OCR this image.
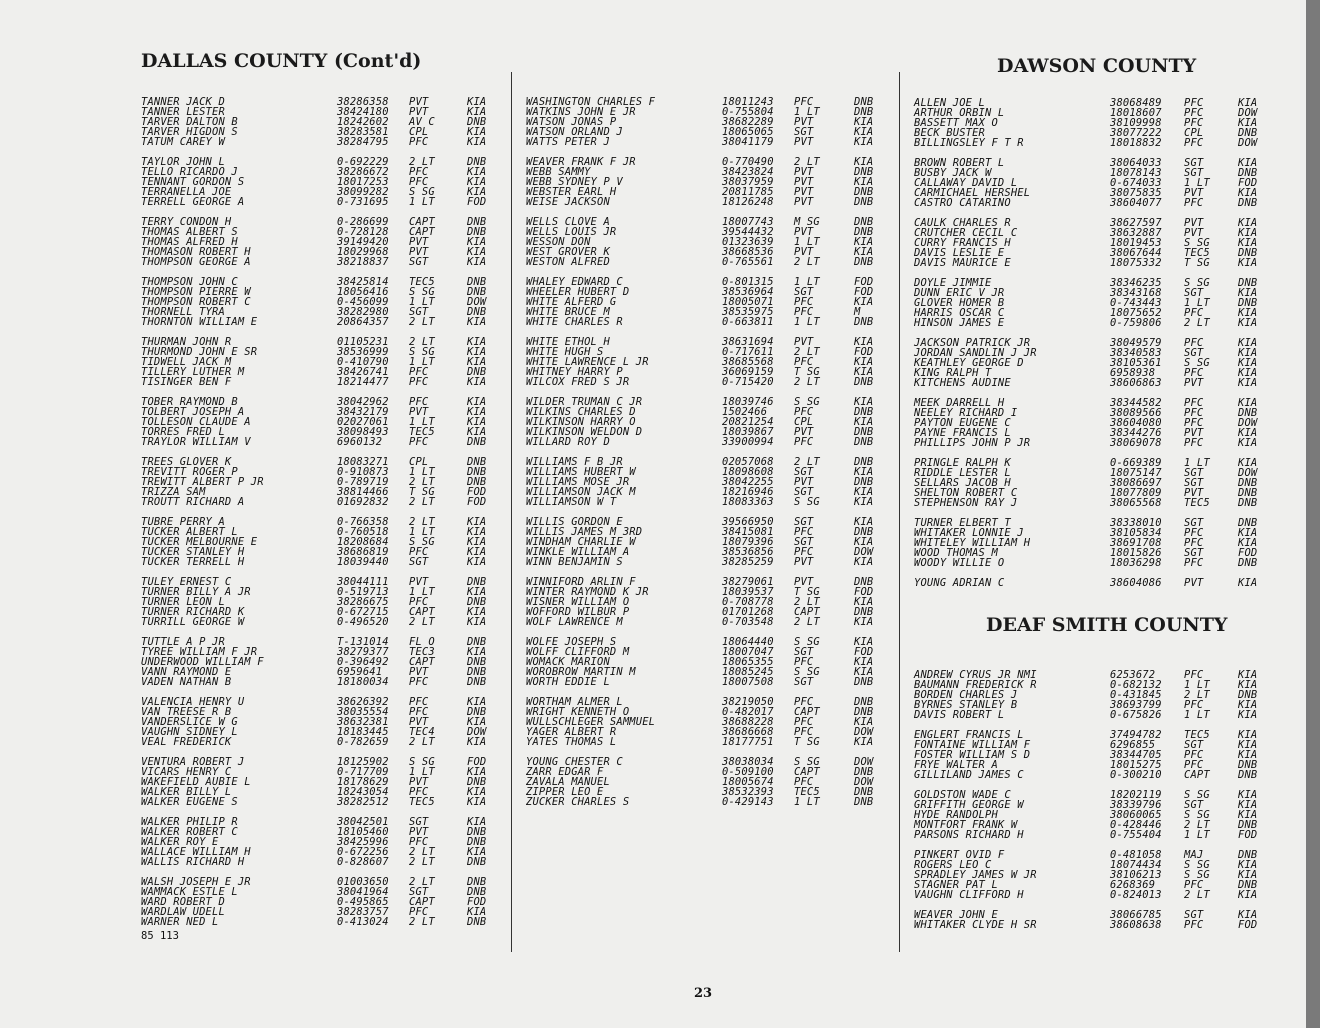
DALLAS COUNTY (Cont'd)
TANNER JACK D	38286358 PVT	KIA
TANNER LESTER	38424180 PVT	KIA
TARVER DALTON B	18242602 AV C	DNB
TARVER HIGDON S	38283581 CPL	KIA
TATUM CAREY W	38284795 PFC	KIA
TAYLOR JOHN L	0-692229 2 LT	DNB
TELLO RICARDO J	38286672 PFC	KIA
TENNANT GORDON S	18017253 PFC	KIA
TERRANELLA JOE	38099282 S SG	KIA
TERRELL GEORGE A	0-731695 1 LT	FOD
TERRY CONDON H	0-286699 CAPT	DNB
THOMAS ALBERT S	0-728128 CAPT	DNB
THOMAS ALFRED H	39149420 PVT	KIA
THOMASON ROBERT H	18029968 PVT	KIA
THOMPSON GEORGE A	38218837 SGT	KIA
THOMPSON JOHN C	38425814 TEC5	DNB
THOMPSON PIERRE W	18056416 S SG	DNB
THOMPSON ROBERT C	0-456099 1 LT	DOW
THORNELL TYRA	38282980 SGT	DNB
THORNTON WILLIAM E	20864357 2 LT	KIA
THURMAN JOHN R	01105231 2 LT	KIA
THURMOND JOHN E SR	38536999 S SG	KIA
TIDWELL JACK M	0-410790 1 LT	KIA
TILLERY LUTHER M	38426741 PFC	DNB
TISINGER BEN F	18214477 PFC	KIA
TOBER RAYMOND B	38042962 PFC	KIA
TOLBERT JOSEPH A	38432179 PVT	KIA
TOLLESON CLAUDE A	02027061 1 LT	KIA
TORRES FRED L	38098493 TEC5	KIA
TRAYLOR WILLIAM V	6960132	PFC	DNB
TREES GLOVER K	18083271 CPL	DNB
TREVITT ROGER P	0-910873 1 LT	DNB
TREWITT ALBERT P JR	0-789719 2 LT	DNB
TRIZZA SAM	38814466 T SG	FOD
TROUTT RICHARD A	01692832 2 LT	FOD
TUBRE PERRY A	0-766358 2 LT	KIA
TUCKER ALBERT L	0-760518 1 LT	KIA
TUCKER MELBOURNE E	18208684 S SG	KIA
TUCKER STANLEY H	38686819 PFC	KIA
TUCKER TERRELL H	18039440 SGT	KIA
TULEY ERNEST C	38044111 PVT	DNB
TURNER BILLY A JR	0-519713 1 LT	KIA
TURNER LEON L	38286675 PFC	DNB
TURNER RICHARD K	0-672715 CAPT	KIA
TURRILL GEORGE W	0-496520 2 LT	KIA
TUTTLE A P JR	T-131014 FL O	DNB
TYREE WILLIAM F JR	38279377 TEC3	KIA
UNDERWOOD WILLIAM F	0-396492 CAPT	DNB
VANN RAYMOND E	6959641	PVT	DNB
VADEN NATHAN B	18180034 PFC	DNB
VALENCIA HENRY U	38626392 PFC	KIA
VAN TREESE R B	38035554 PFC	DNB
VANDERSLICE W G	38632381 PVT	KIA
VAUGHN SIDNEY L	18183445 TEC4	DOW
VEAL FREDERICK	0-782659 2 LT	KIA
VENTURA ROBERT J	18125902 S SG	FOD
VICARS HENRY C	0-717709 1 LT	KIA
WAKEFIELD AUBIE L	18178629 PVT	DNB
WALKER BILLY L	18243054 PFC	KIA
WALKER EUGENE S	38282512 TEC5	KIA
WALKER PHILIP R	38042501 SGT	KIA
WALKER ROBERT C	18105460 PVT	DNB
WALKER ROY E	38425996 PFC	DNB
WALLACE WILLIAM H	0-672256 2 LT	KIA
WALLIS RICHARD H	0-828607 2 LT	DNB
WALSH JOSEPH E JR	01003650 2 LT	DNB
WAMMACK ESTLE L	38041964 SGT	DNB
WARD ROBERT D	0-495865 CAPT	FOD
WARDLAW UDELL	38283757 PFC	KIA
WARNER NED L	0-413024 2 LT	DNB
85 113
WASHINGTON CHARLES F	18011243 PFC	DNB
WATKINS JOHN E JR	0-755804 1 LT	DNB
WATSON JONAS P	38682289 PVT	KIA
WATSON ORLAND J	18065065 SGT	KIA
WATTS PETER J	38041179 PVT	KIA
WEAVER FRANK F JR	0-770490 2 LT	KIA
WEBB SAMMY	38423824 PVT	DNB
WEBB SYDNEY P V	38037959 PVT	KIA
WEBSTER EARL H	20811785 PVT	DNB
WEISE JACKSON	18126248 PVT	DNB
WELLS CLOVE A	18007743 M SG	DNB
WELLS LOUIS JR	39544432 PVT	DNB
WESSON DON	01323639 1 LT	KIA
WEST GROVER K	38668536 PVT	KIA
WESTON ALFRED	0-765561 2 LT	DNB
WHALEY EDWARD C	0-801315 1 LT	FOD
WHEELER HUBERT D	38536964 SGT	FOD
WHITE ALFERD G	18005071 PFC	KIA
WHITE BRUCE M	38535975 PFC	M
WHITE CHARLES R	0-663811 1 LT	DNB
WHITE ETHOL H	38631694 PVT	KIA
WHITE HUGH S	0-717611 2 LT	FOD
WHITE LAWRENCE L JR	38685568 PFC	KIA
WHITNEY HARRY P	36069159 T SG	KIA
WILCOX FRED S JR	0-715420 2 LT	DNB
WILDER TRUMAN C JR	18039746 S SG	KIA
WILKINS CHARLES D	1502466	PFC	DNB
WILKINSON HARRY O	20821254 CPL	KIA
WILKINSON WELDON D	18039867 PVT	DNB
WILLARD ROY D	33900994 PFC	DNB
WILLIAMS F B JR	02057068 2 LT	DNB
WILLIAMS HUBERT W	18098608 SGT	KIA
WILLIAMS MOSE JR	38042255 PVT	DNB
WILLIAMSON JACK M	18216946 SGT	KIA
WILLIAMSON W T	18083363 S SG	KIA
WILLIS GORDON E	39566950 SGT	KIA
WILLIS JAMES M 3RD	38415081 PFC	DNB
WINDHAM CHARLIE W	18079396 SGT	KIA
WINKLE WILLIAM A	38536856 PFC	DOW
WINN BENJAMIN S	38285259 PVT	KIA
WINNIFORD ARLIN F	38279061 PVT	DNB
WINTER RAYMOND K JR	18039537 T SG	FOD
WISNER WILLIAM O	0-708778 2 LT	KIA
WOFFORD WILBUR P	01701268 CAPT	DNB
WOLF LAWRENCE M	0-703548 2 LT	KIA
WOLFE JOSEPH S	18064440 S SG	KIA
WOLFF CLIFFORD M	18007047 SGT	FOD
WOMACK MARION	18065355 PFC	KIA
WOROBROW MARTIN M	18085245 S SG	KIA
WORTH EDDIE L	18007508 SGT	DNB
WORTHAM ALMER L	38219050 PFC	DNB
WRIGHT KENNETH O	0-482017 CAPT	DNB
WULLSCHLEGER SAMMUEL	38688228 PFC	KIA
YAGER ALBERT R	38686668 PFC	DOW
YATES THOMAS L	18177751 T SG	KIA
YOUNG CHESTER C	38038034 S SG	DOW
ZARR EDGAR F	0-509100 CAPT	DNB
ZAVALA MANUEL	18005674 PFC	DOW
ZIPPER LEO E	38532393 TEC5	DNB
ZUCKER CHARLES S	0-429143 1 LT	DNB
DAWSON COUNTY
ALLEN JOE L	38068489 PFC	KIA
ARTHUR ORBIN L	18018607 PFC	DOW
BASSETT MAX O	38109998 PFC	KIA
BECK BUSTER	38077222 CPL	DNB
BILLINGSLEY F T R	18018832 PFC	DOW
BROWN ROBERT L	38064033 SGT	KIA
BUSBY JACK W	18078143 SGT	DNB
CALLAWAY DAVID L	0-674033 1 LT	FOD
CARMICHAEL HERSHEL	38075835 PVT	KIA
CASTRO CATARINO	38604077 PFC	DNB
CAULK CHARLES R	38627597 PVT	KIA
CRUTCHER CECIL C	38632887 PVT	KIA
CURRY FRANCIS H	18019453 S SG	KIA
DAVIS LESLIE E	38067644 TEC5	DNB
DAVIS MAURICE E	18075332 T SG	KIA
DOYLE JIMMIE	38346235 S SG	DNB
DUNN ERIC V JR	38343168 SGT	KIA
GLOVER HOMER B	0-743443 1 LT	DNB
HARRIS OSCAR C	18075652 PFC	KIA
HINSON JAMES E	0-759806 2 LT	KIA
JACKSON PATRICK JR	38049579 PFC	KIA
JORDAN SANDLIN J JR	38340583 SGT	KIA
KEATHLEY GEORGE D	38105361 S SG	KIA
KING RALPH T	6958938	PFC	KIA
KITCHENS AUDINE	38606863 PVT	KIA
MEEK DARRELL H	38344582 PFC	KIA
NEELEY RICHARD I	38089566 PFC	DNB
PAYTON EUGENE C	38604080 PFC	DOW
PAYNE FRANCIS L	38344276 PVT	KIA
PHILLIPS JOHN P JR	38069078 PFC	KIA
PRINGLE RALPH K	0-669389 1 LT	KIA
RIDDLE LESTER L	18075147 SGT	DOW
SELLARS JACOB H	38086697 SGT	DNB
SHELTON ROBERT C	18077809 PVT	DNB
STEPHENSON RAY J	38065568 TEC5	DNB
TURNER ELBERT T	38338010 SGT	DNB
WHITAKER LONNIE J	38105834 PFC	KIA
WHITELEY WILLIAM H	38691708 PFC	KIA
WOOD THOMAS M	18015826 SGT	FOD
WOODY WILLIE O	18036298 PFC	DNB
YOUNG ADRIAN C	38604086 PVT	KIA
DEAF SMITH COUNTY
ANDREW CYRUS JR NMI	6253672	PFC	KIA
BAUMANN FREDERICK R	0-682132 1 LT	KIA
BORDEN CHARLES J	0-431845 2 LT	DNB
BYRNES STANLEY B	38693799 PFC	KIA
DAVIS ROBERT L	0-675826 1 LT	KIA
ENGLERT FRANCIS L	37494782 TEC5	KIA
FONTAINE WILLIAM F	6296855	SGT	KIA
FOSTER WILLIAM S D	38344705 PFC	KIA
FRYE WALTER A	18015275 PFC	DNB
GILLILAND JAMES C	0-300210 CAPT	DNB
GOLDSTON WADE C	18202119 S SG	KIA
GRIFFITH GEORGE W	38339796 SGT	KIA
HYDE RANDOLPH	38060065 S SG	KIA
MONTFORT FRANK W	0-428446 2 LT	DNB
PARSONS RICHARD H	0-755404 1 LT	FOD
PINKERT OVID F	0-481058 MAJ	DNB
ROGERS LEO C	18074434 S SG	KIA
SPRADLEY JAMES W JR	38106213 S SG	KIA
STAGNER PAT L	6268369	PFC	DNB
VAUGHN CLIFFORD H	0-824013 2 LT	KIA
WEAVER JOHN E	38066785 SGT	KIA
WHITAKER CLYDE H SR	38608638 PFC	FOD
23
